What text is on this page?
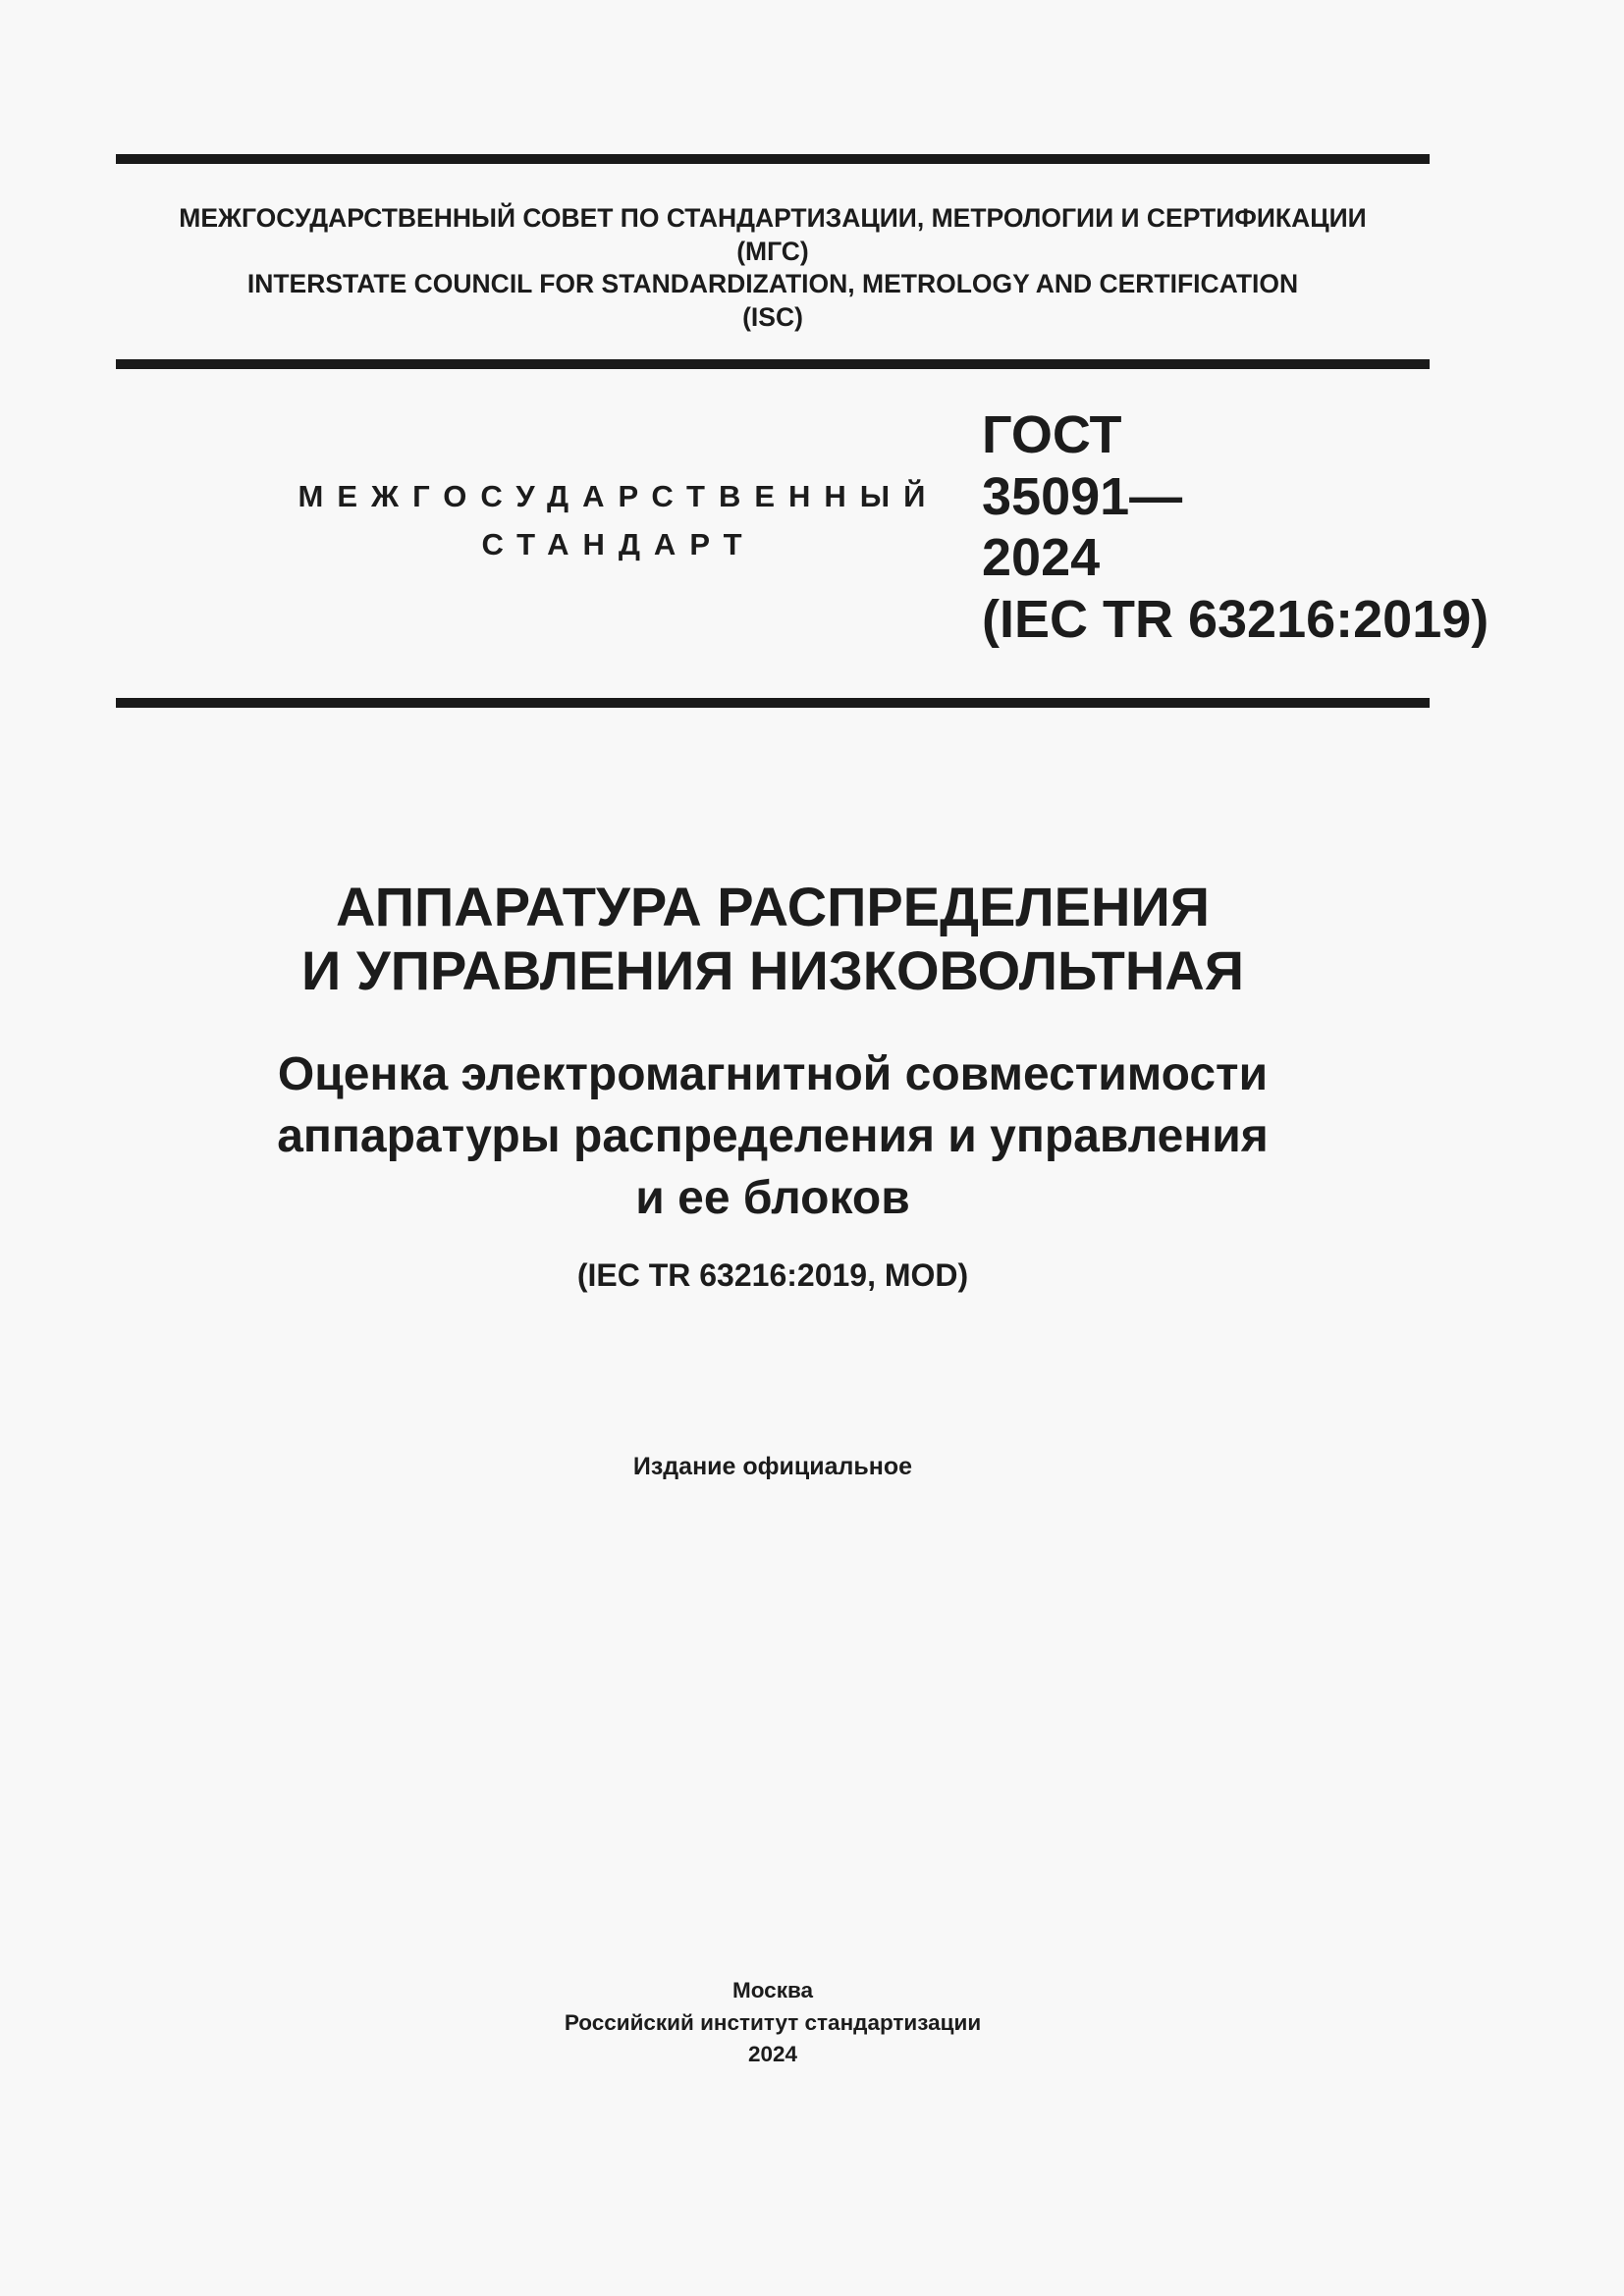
МЕЖГОСУДАРСТВЕННЫЙ СОВЕТ ПО СТАНДАРТИЗАЦИИ, МЕТРОЛОГИИ И СЕРТИФИКАЦИИ
(МГС)
INTERSTATE COUNCIL FOR STANDARDIZATION, METROLOGY AND CERTIFICATION
(ISC)
МЕЖГОСУДАРСТВЕННЫЙ
СТАНДАРТ
ГОСТ
35091—
2024
(IEC TR 63216:2019)
АППАРАТУРА РАСПРЕДЕЛЕНИЯ
И УПРАВЛЕНИЯ НИЗКОВОЛЬТНАЯ
Оценка электромагнитной совместимости
аппаратуры распределения и управления
и ее блоков
(IEC TR 63216:2019, MOD)
Издание официальное
Москва
Российский институт стандартизации
2024
